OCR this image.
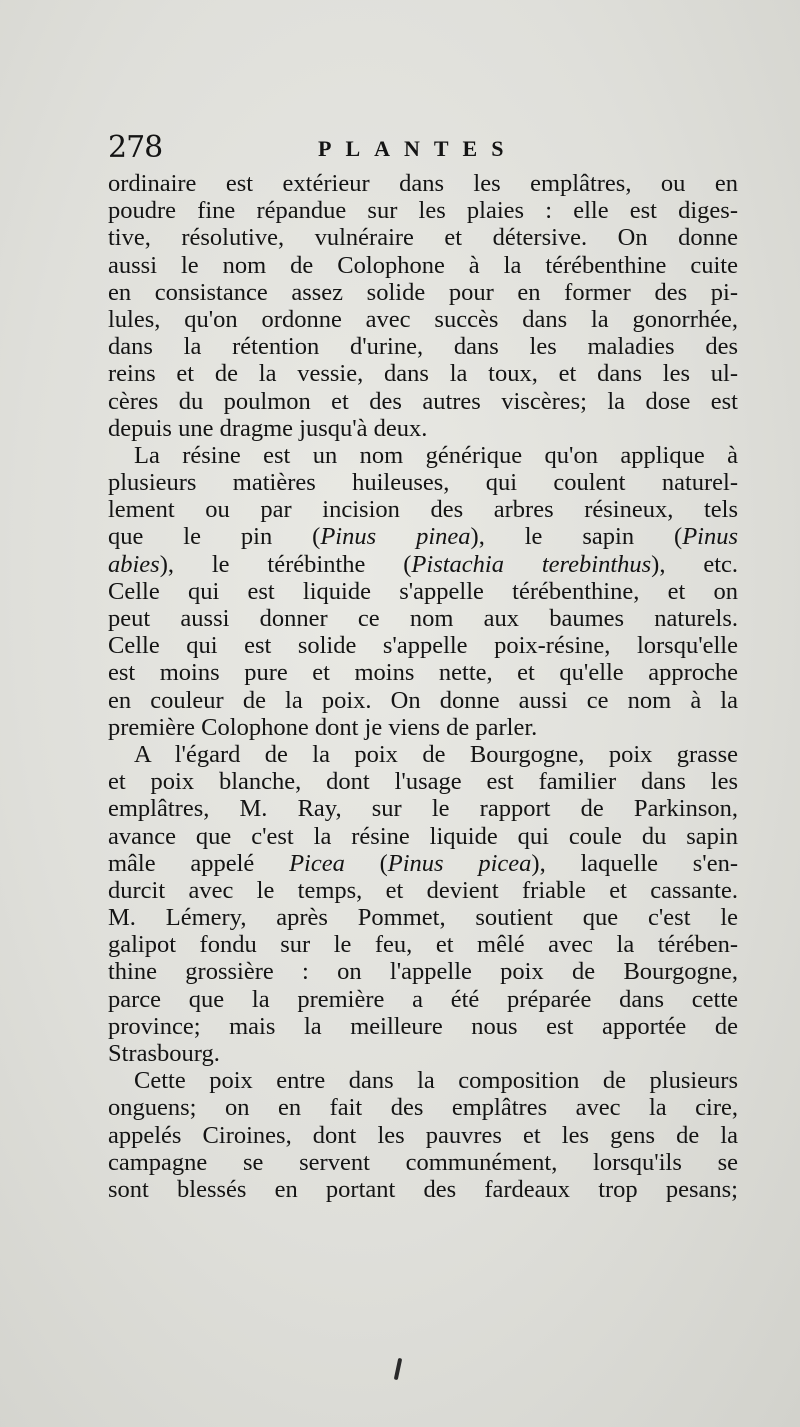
278	PLANTES
ordinaire est extérieur dans les emplâtres, ou en
poudre fine répandue sur les plaies : elle est diges-
tive, résolutive, vulnéraire et détersive. On donne
aussi le nom de Colophone à la térébenthine cuite
en consistance assez solide pour en former des pi-
lules, qu'on ordonne avec succès dans la gonorrhée,
dans la rétention d'urine, dans les maladies des
reins et de la vessie, dans la toux, et dans les ul-
cères du poulmon et des autres viscères; la dose est
depuis une dragme jusqu'à deux.
La résine est un nom générique qu'on applique à
plusieurs matières huileuses, qui coulent naturel-
lement ou par incision des arbres résineux, tels
que le pin (Pinus pinea), le sapin (Pinus
abies), le térébinthe (Pistachia terebinthus), etc.
Celle qui est liquide s'appelle térébenthine, et on
peut aussi donner ce nom aux baumes naturels.
Celle qui est solide s'appelle poix-résine, lorsqu'elle
est moins pure et moins nette, et qu'elle approche
en couleur de la poix. On donne aussi ce nom à la
première Colophone dont je viens de parler.
A l'égard de la poix de Bourgogne, poix grasse
et poix blanche, dont l'usage est familier dans les
emplâtres, M. Ray, sur le rapport de Parkinson,
avance que c'est la résine liquide qui coule du sapin
mâle appelé Picea (Pinus picea), laquelle s'en-
durcit avec le temps, et devient friable et cassante.
M. Lémery, après Pommet, soutient que c'est le
galipot fondu sur le feu, et mêlé avec la térében-
thine grossière : on l'appelle poix de Bourgogne,
parce que la première a été préparée dans cette
province; mais la meilleure nous est apportée de
Strasbourg.
Cette poix entre dans la composition de plusieurs
onguens; on en fait des emplâtres avec la cire,
appelés Ciroines, dont les pauvres et les gens de la
campagne se servent communément, lorsqu'ils se
sont blessés en portant des fardeaux trop pesans;
